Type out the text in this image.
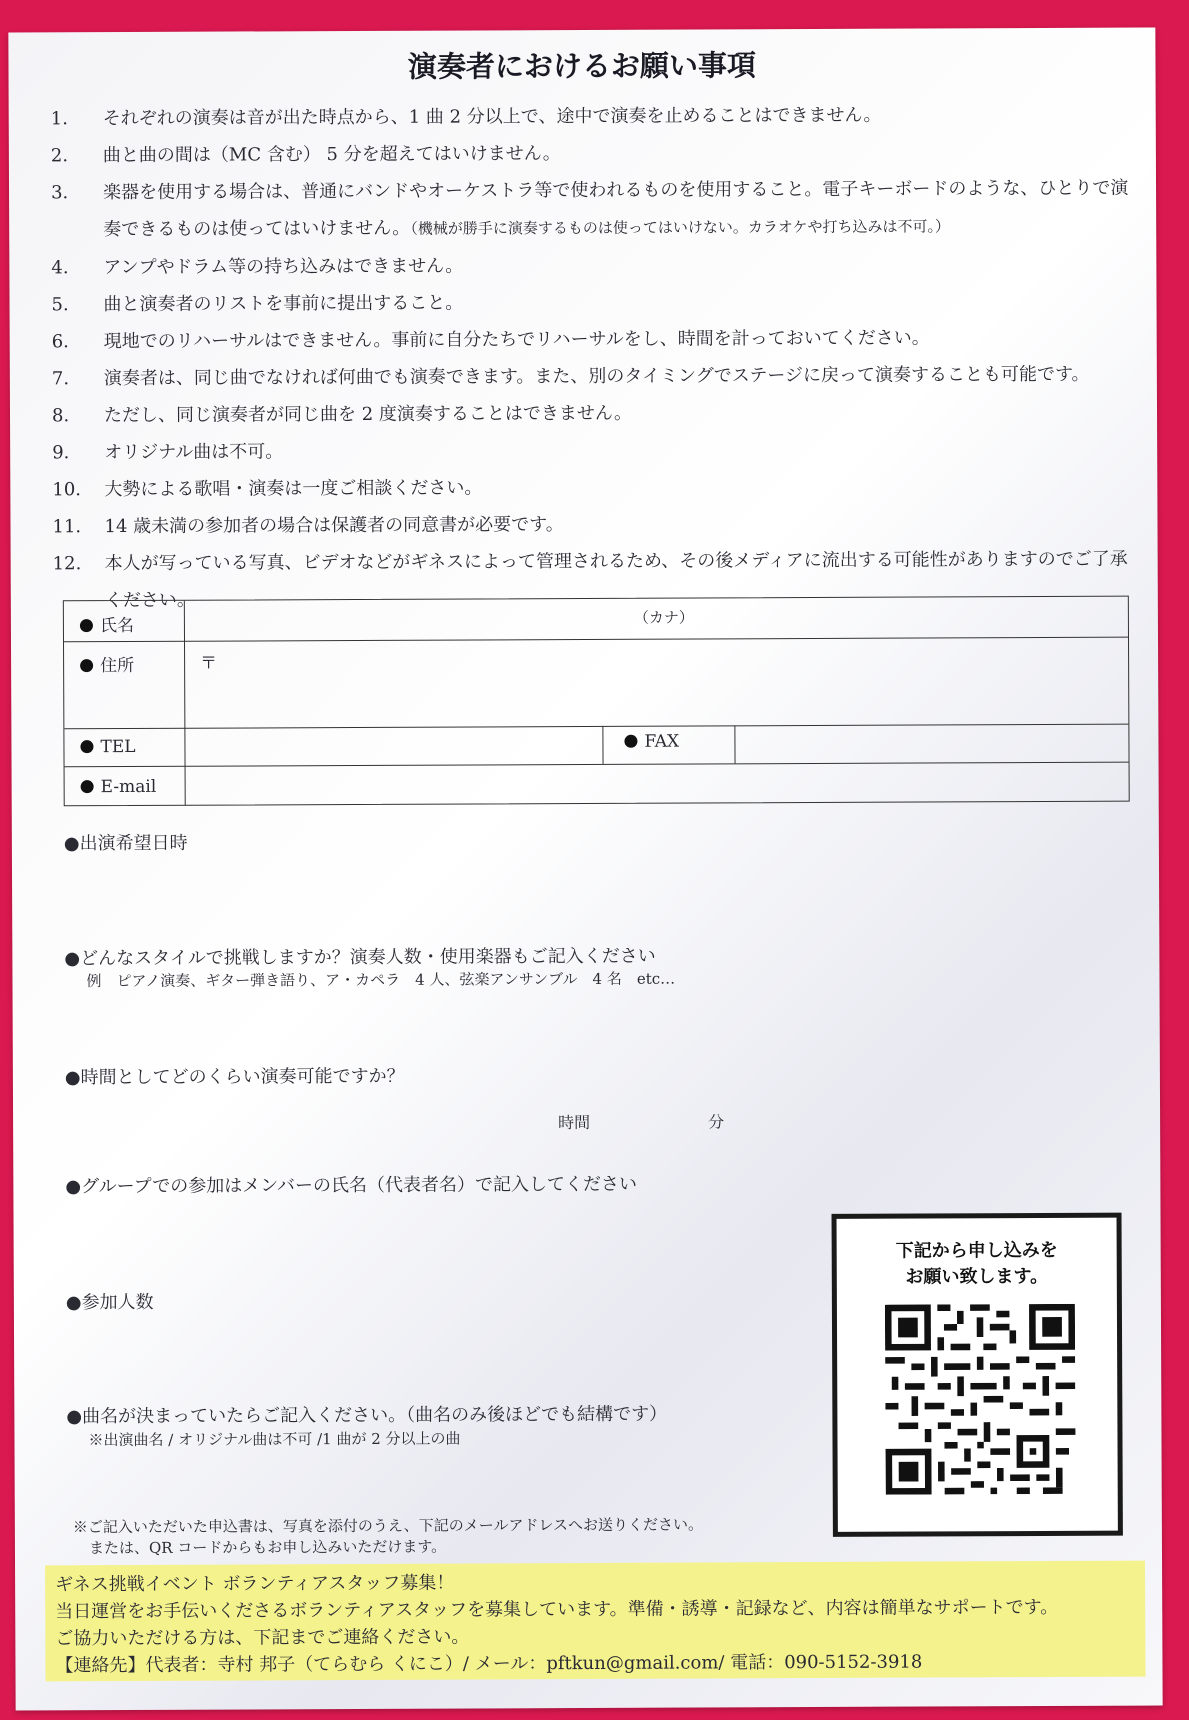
演奏者におけるお願い事項
1.	それぞれの演奏は音が出た時点から、1 曲 2 分以上で、途中で演奏を止めることはできません。
2.	曲と曲の間は（MC 含む） 5 分を超えてはいけません。
3.	楽器を使用する場合は、普通にバンドやオーケストラ等で使われるものを使用すること。電子キーボードのような、ひとりで演奏できるものは使ってはいけません。（機械が勝手に演奏するものは使ってはいけない。カラオケや打ち込みは不可。）
4.	アンプやドラム等の持ち込みはできません。
5.	曲と演奏者のリストを事前に提出すること。
6.	現地でのリハーサルはできません。事前に自分たちでリハーサルをし、時間を計っておいてください。
7.	演奏者は、同じ曲でなければ何曲でも演奏できます。また、別のタイミングでステージに戻って演奏することも可能です。
8.	ただし、同じ演奏者が同じ曲を 2 度演奏することはできません。
9.	オリジナル曲は不可。
10.	大勢による歌唱・演奏は一度ご相談ください。
11.	14 歳未満の参加者の場合は保護者の同意書が必要です。
12.	本人が写っている写真、ビデオなどがギネスによって管理されるため、その後メディアに流出する可能性がありますのでご了承ください。
氏名	（カナ）
住所	〒
TEL	FAX
E-mail
●出演希望日時
●どんなスタイルで挑戦しますか？演奏人数・使用楽器もご記入ください
例　ピアノ演奏、ギター弾き語り、ア・カペラ　4 人、弦楽アンサンブル　4 名　etc…
●時間としてどのくらい演奏可能ですか？
時間	分
●グループでの参加はメンバーの氏名（代表者名）で記入してください
●参加人数
●曲名が決まっていたらご記入ください。（曲名のみ後ほどでも結構です）
※出演曲名 / オリジナル曲は不可 /1 曲が 2 分以上の曲
下記から申し込みを
お願い致します。
※ご記入いただいた申込書は、写真を添付のうえ、下記のメールアドレスへお送りください。
または、QR コードからもお申し込みいただけます。
ギネス挑戦イベント ボランティアスタッフ募集！
当日運営をお手伝いくださるボランティアスタッフを募集しています。準備・誘導・記録など、内容は簡単なサポートです。
ご協力いただける方は、下記までご連絡ください。
【連絡先】代表者：寺村 邦子（てらむら くにこ）/ メール：pftkun@gmail.com/ 電話：090-5152-3918
